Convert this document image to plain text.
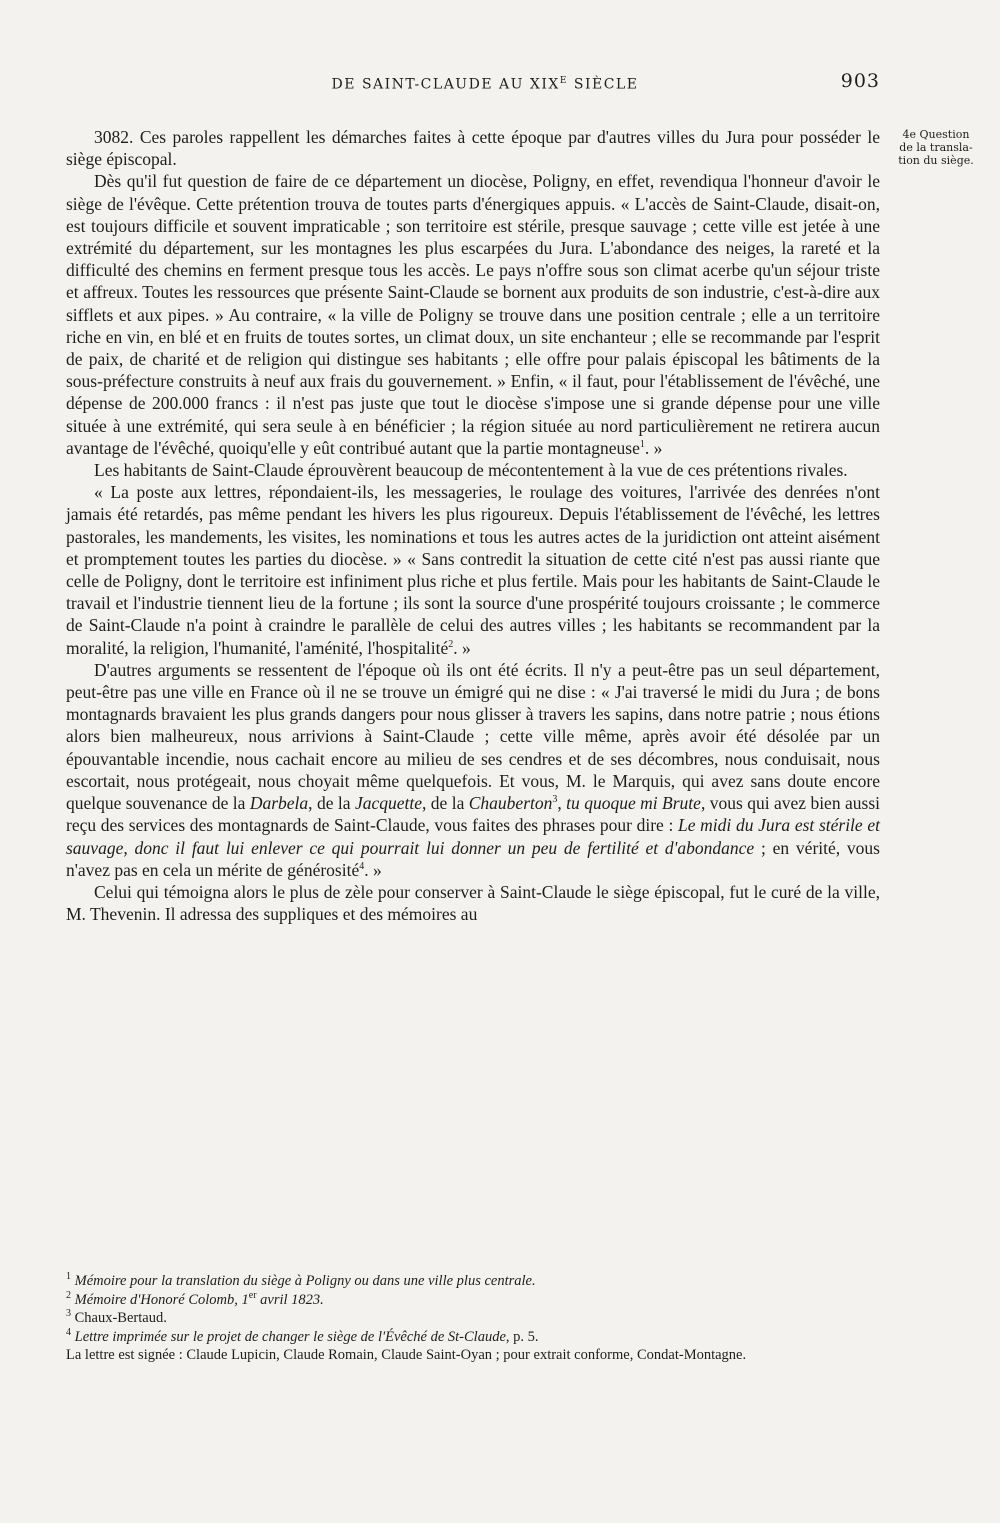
DE SAINT-CLAUDE AU $XIX^E$ SIÈCLE	903
4e Question
de la transla-
tion du siège.

3082. Ces paroles rappellent les démarches faites à cette époque par d'autres villes du Jura pour posséder le siège épiscopal.

Dès qu'il fut question de faire de ce département un diocèse, Poligny, en effet, revendiqua l'honneur d'avoir le siège de l'évêque. Cette prétention trouva de toutes parts d'énergiques appuis. « L'accès de Saint-Claude, disait-on, est toujours difficile et souvent impraticable ; son territoire est stérile, presque sauvage ; cette ville est jetée à une extrémité du département, sur les montagnes les plus escarpées du Jura. L'abondance des neiges, la rareté et la difficulté des chemins en ferment presque tous les accès. Le pays n'offre sous son climat acerbe qu'un séjour triste et affreux. Toutes les ressources que présente Saint-Claude se bornent aux produits de son industrie, c'est-à-dire aux sifflets et aux pipes. » Au contraire, « la ville de Poligny se trouve dans une position centrale ; elle a un territoire riche en vin, en blé et en fruits de toutes sortes, un climat doux, un site enchanteur ; elle se recommande par l'esprit de paix, de charité et de religion qui distingue ses habitants ; elle offre pour palais épiscopal les bâtiments de la sous-préfecture construits à neuf aux frais du gouvernement. » Enfin, « il faut, pour l'établissement de l'évêché, une dépense de 200.000 francs : il n'est pas juste que tout le diocèse s'impose une si grande dépense pour une ville située à une extrémité, qui sera seule à en bénéficier ; la région située au nord particulièrement ne retirera aucun avantage de l'évêché, quoiqu'elle y eût contribué autant que la partie montagneuse$^1$. »

Les habitants de Saint-Claude éprouvèrent beaucoup de mécontentement à la vue de ces prétentions rivales.

« La poste aux lettres, répondaient-ils, les messageries, le roulage des voitures, l'arrivée des denrées n'ont jamais été retardés, pas même pendant les hivers les plus rigoureux. Depuis l'établissement de l'évêché, les lettres pastorales, les mandements, les visites, les nominations et tous les autres actes de la juridiction ont atteint aisément et promptement toutes les parties du diocèse. » « Sans contredit la situation de cette cité n'est pas aussi riante que celle de Poligny, dont le territoire est infiniment plus riche et plus fertile. Mais pour les habitants de Saint-Claude le travail et l'industrie tiennent lieu de la fortune ; ils sont la source d'une prospérité toujours croissante ; le commerce de Saint-Claude n'a point à craindre le parallèle de celui des autres villes ; les habitants se recommandent par la moralité, la religion, l'humanité, l'aménité, l'hospitalité$^2$. »

D'autres arguments se ressentent de l'époque où ils ont été écrits. Il n'y a peut-être pas un seul département, peut-être pas une ville en France où il ne se trouve un émigré qui ne dise : « J'ai traversé le midi du Jura ; de bons montagnards bravaient les plus grands dangers pour nous glisser à travers les sapins, dans notre patrie ; nous étions alors bien malheureux, nous arrivions à Saint-Claude ; cette ville même, après avoir été désolée par un épouvantable incendie, nous cachait encore au milieu de ses cendres et de ses décombres, nous conduisait, nous escortait, nous protégeait, nous choyait même quelquefois. Et vous, M. le Marquis, qui avez sans doute encore quelque souvenance de la Darbela, de la Jacquette, de la Chauberton$^3$, tu quoque mi Brute, vous qui avez bien aussi reçu des services des montagnards de Saint-Claude, vous faites des phrases pour dire : Le midi du Jura est stérile et sauvage, donc il faut lui enlever ce qui pourrait lui donner un peu de fertilité et d'abondance ; en vérité, vous n'avez pas en cela un mérite de générosité$^4$. »

Celui qui témoigna alors le plus de zèle pour conserver à Saint-Claude le siège épiscopal, fut le curé de la ville, M. Thevenin. Il adressa des suppliques et des mémoires au

$^1$ Mémoire pour la translation du siège à Poligny ou dans une ville plus centrale.

$^2$ Mémoire d'Honoré Colomb, 1er avril 1823.

$^3$ Chaux-Bertaud.

$^4$ Lettre imprimée sur le projet de changer le siège de l'Évêché de St-Claude, p. 5.

La lettre est signée : Claude Lupicin, Claude Romain, Claude Saint-Oyan ; pour extrait conforme, Condat-Montagne.
